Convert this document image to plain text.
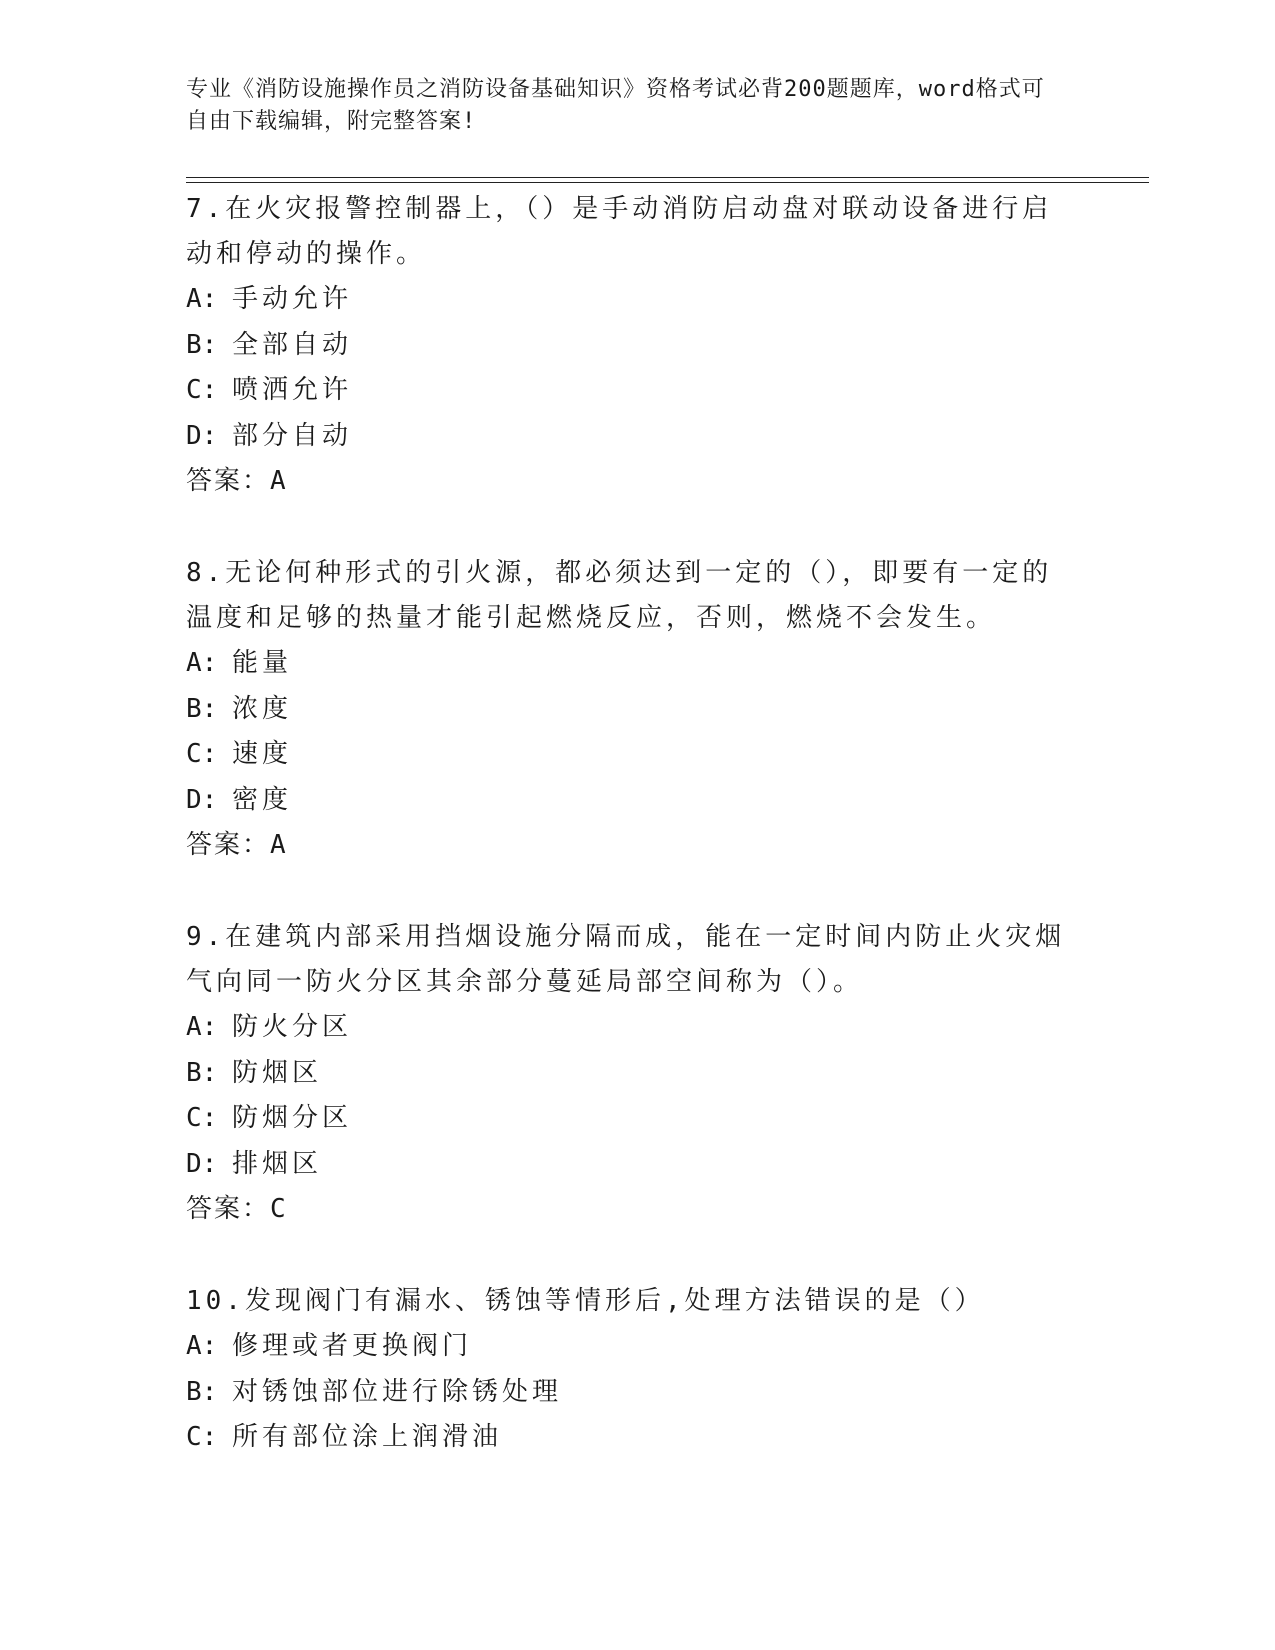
专业《消防设施操作员之消防设备基础知识》资格考试必背200题题库，word格式可自由下载编辑，附完整答案!
7.在火灾报警控制器上，（）是手动消防启动盘对联动设备进行启动和停动的操作。
A: 手动允许
B: 全部自动
C: 喷洒允许
D: 部分自动
答案：A
8.无论何种形式的引火源，都必须达到一定的（），即要有一定的温度和足够的热量才能引起燃烧反应，否则，燃烧不会发生。
A: 能量
B: 浓度
C: 速度
D: 密度
答案：A
9.在建筑内部采用挡烟设施分隔而成，能在一定时间内防止火灾烟气向同一防火分区其余部分蔓延局部空间称为（）。
A: 防火分区
B: 防烟区
C: 防烟分区
D: 排烟区
答案：C
10.发现阀门有漏水、锈蚀等情形后,处理方法错误的是（）
A: 修理或者更换阀门
B: 对锈蚀部位进行除锈处理
C: 所有部位涂上润滑油
